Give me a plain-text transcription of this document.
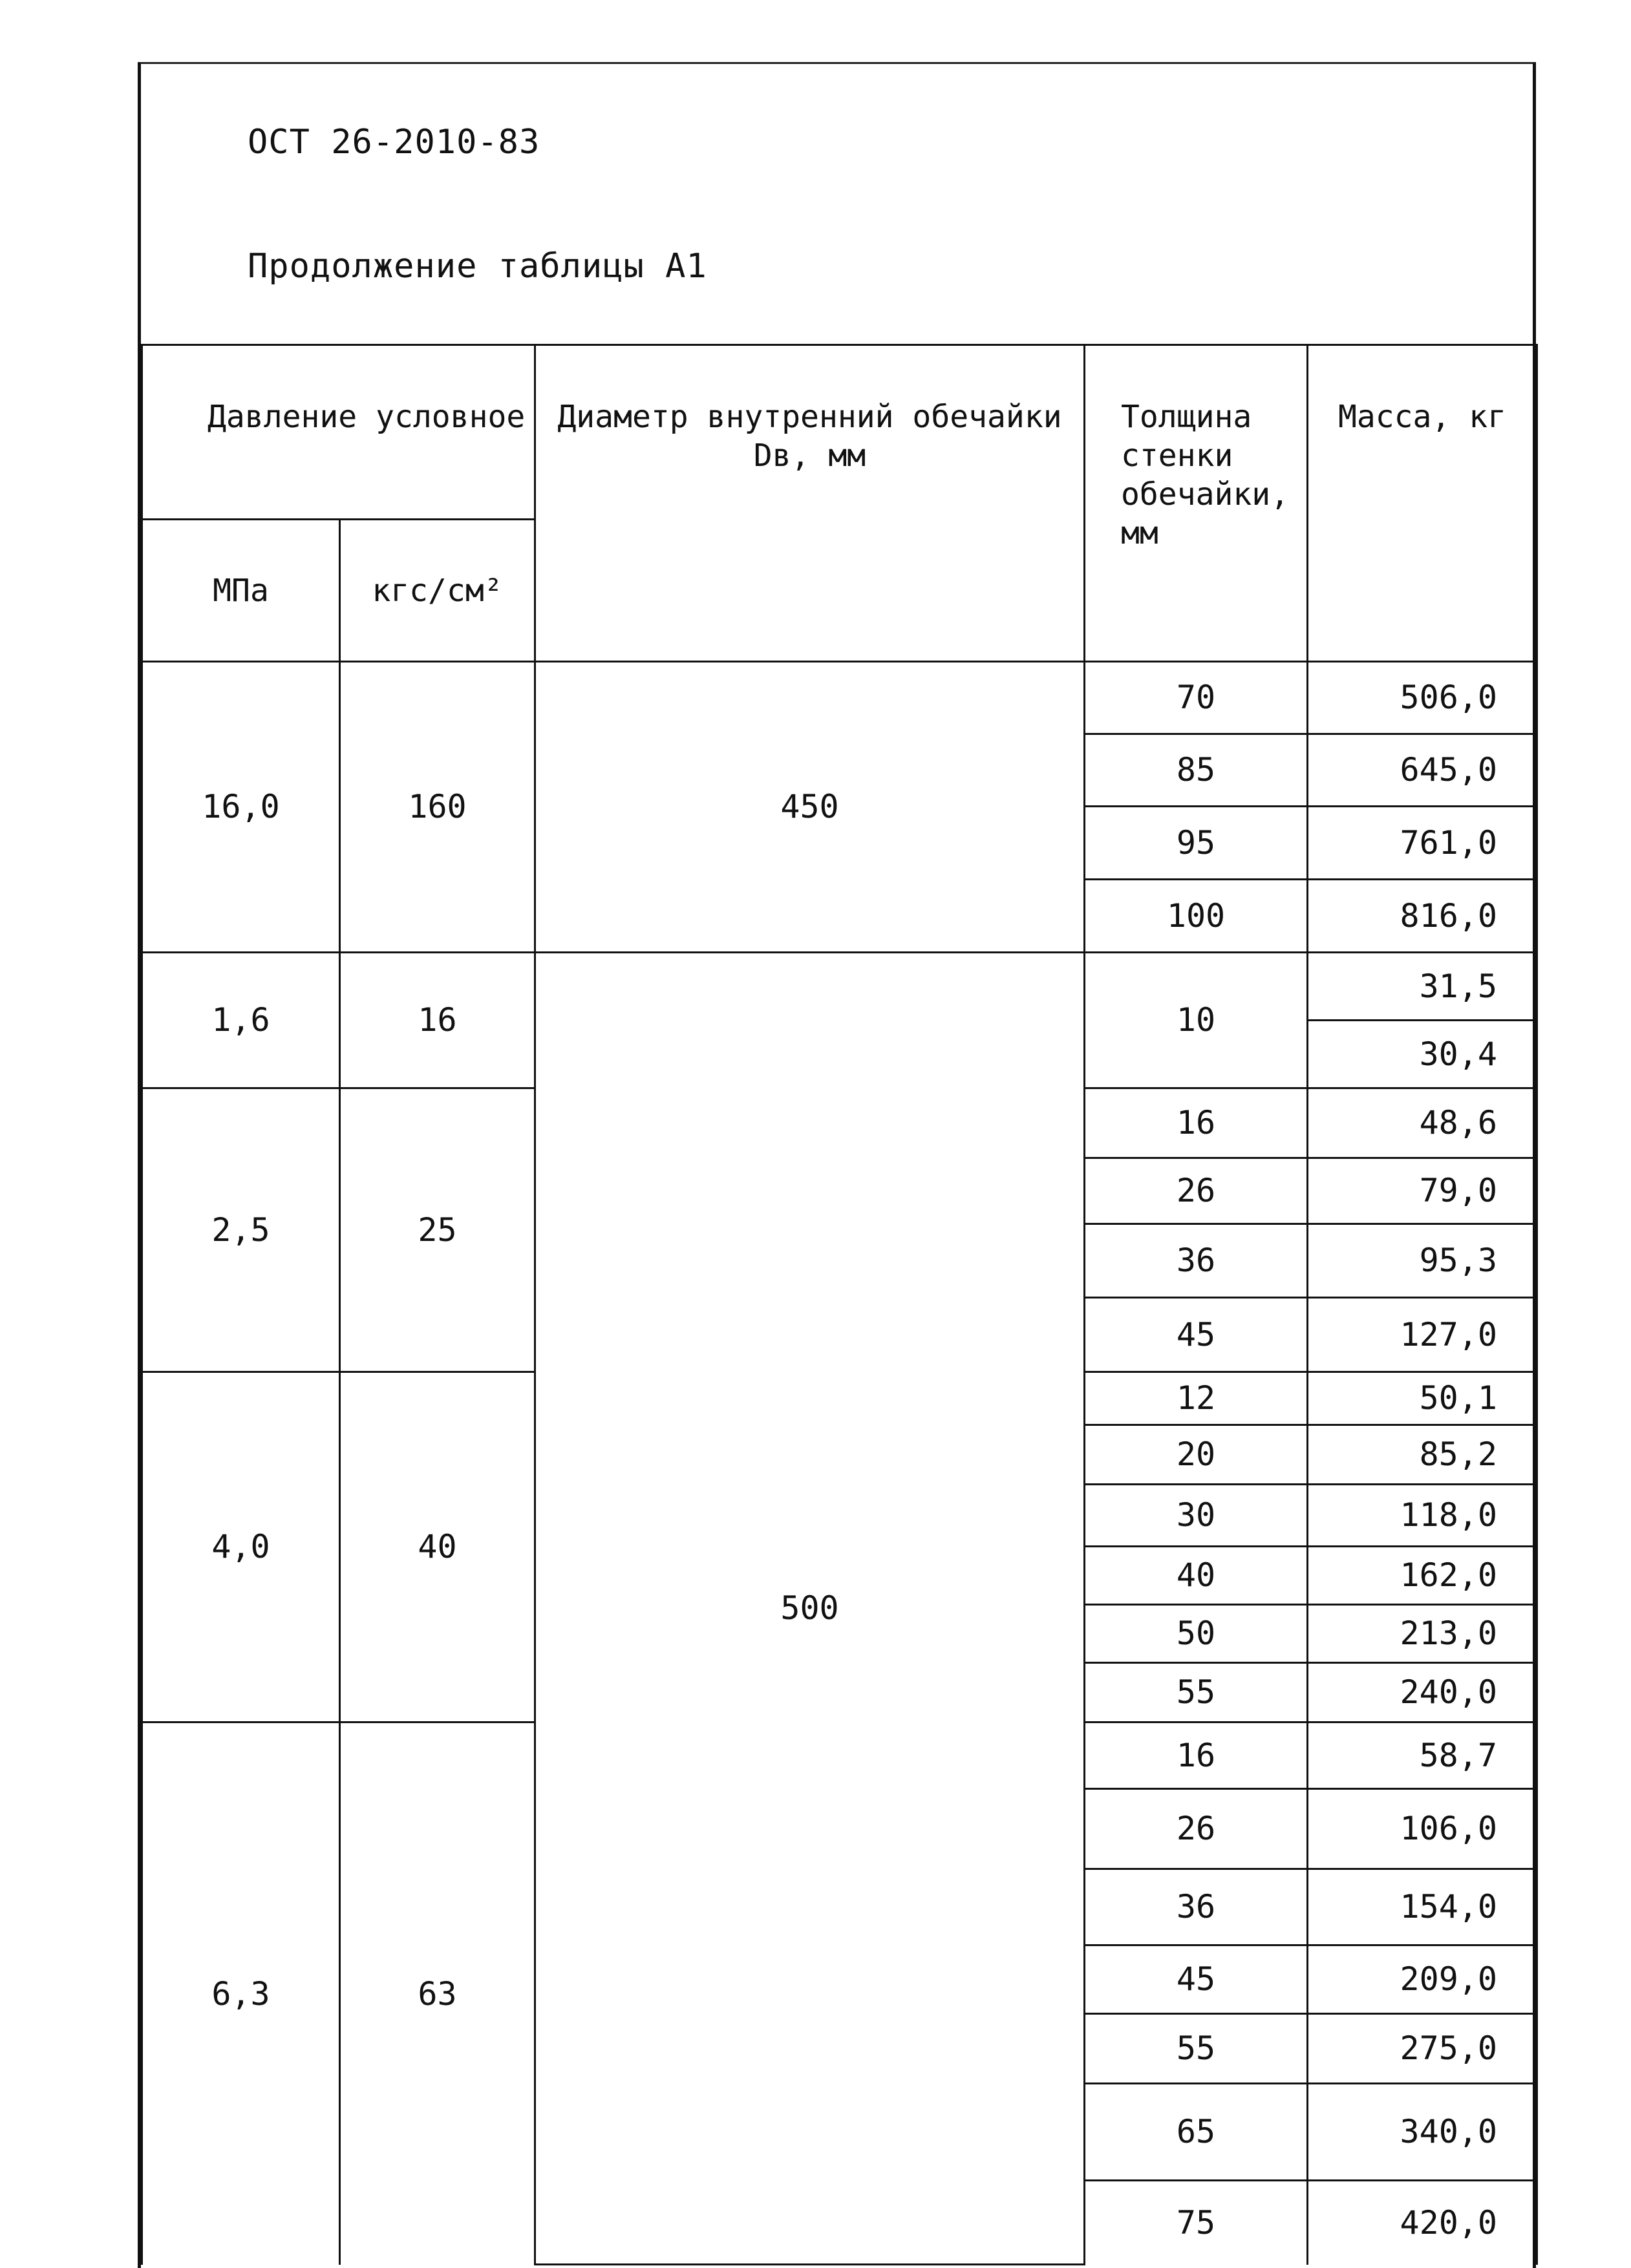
ОСТ 26-2010-83
Продолжение таблицы А1
Давление условное		Диаметр внутренний обечайки Dв, мм	Толщина стенки обечайки, мм	Масса, кг
МПа	кгс/см²			
16,0	160	450	70	506,0
			85	645,0
			95	761,0
			100	816,0
1,6	16	500	10	31,5
				30,4
2,5	25		16	48,6
			26	79,0
			36	95,3
			45	127,0
4,0	40		12	50,1
			20	85,2
			30	118,0
			40	162,0
			50	213,0
			55	240,0
6,3	63		16	58,7
			26	106,0
			36	154,0
			45	209,0
			55	275,0
			65	340,0
			75	420,0
